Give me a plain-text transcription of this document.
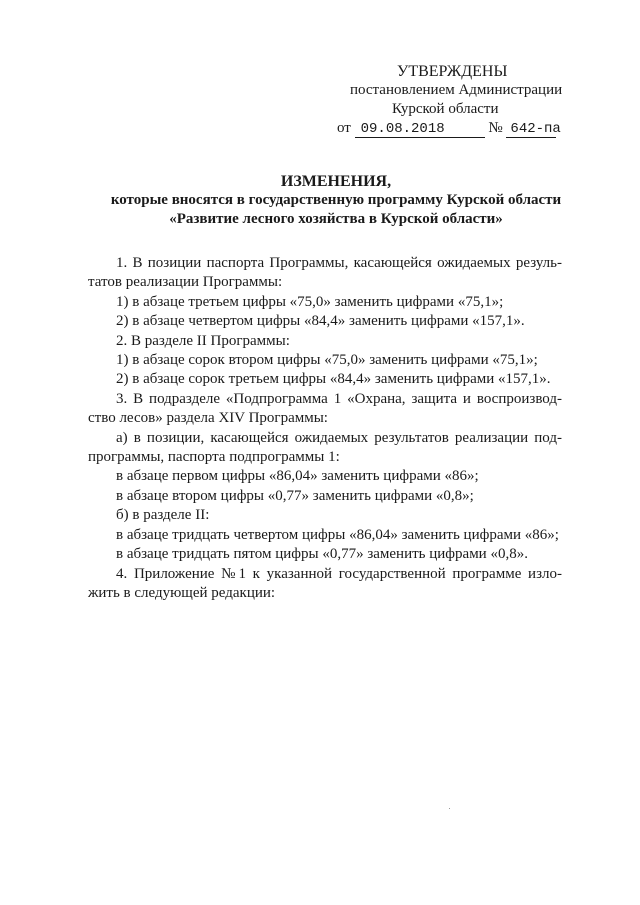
УТВЕРЖДЕНЫ
постановлением Администрации
Курской области
от 09.08.2018	№ 642-па
ИЗМЕНЕНИЯ,
которые вносятся в государственную программу Курской области
«Развитие лесного хозяйства в Курской области»

1. В позиции паспорта Программы, касающейся ожидаемых резуль-

татов реализации Программы:

1) в абзаце третьем цифры «75,0» заменить цифрами «75,1»;

2) в абзаце четвертом цифры «84,4» заменить цифрами «157,1».

2. В разделе II Программы:

1) в абзаце сорок втором цифры «75,0» заменить цифрами «75,1»;

2) в абзаце сорок третьем цифры «84,4» заменить цифрами «157,1».

3. В подразделе «Подпрограмма 1 «Охрана, защита и воспроизвод-

ство лесов» раздела XIV Программы:

а) в позиции, касающейся ожидаемых результатов реализации под-

программы, паспорта подпрограммы 1:

в абзаце первом цифры «86,04» заменить цифрами «86»;

в абзаце втором цифры «0,77» заменить цифрами «0,8»;

б) в разделе II:

в абзаце тридцать четвертом цифры «86,04» заменить цифрами «86»;

в абзаце тридцать пятом цифры «0,77» заменить цифрами «0,8».

4. Приложение №1 к указанной государственной программе изло-

жить в следующей редакции:
